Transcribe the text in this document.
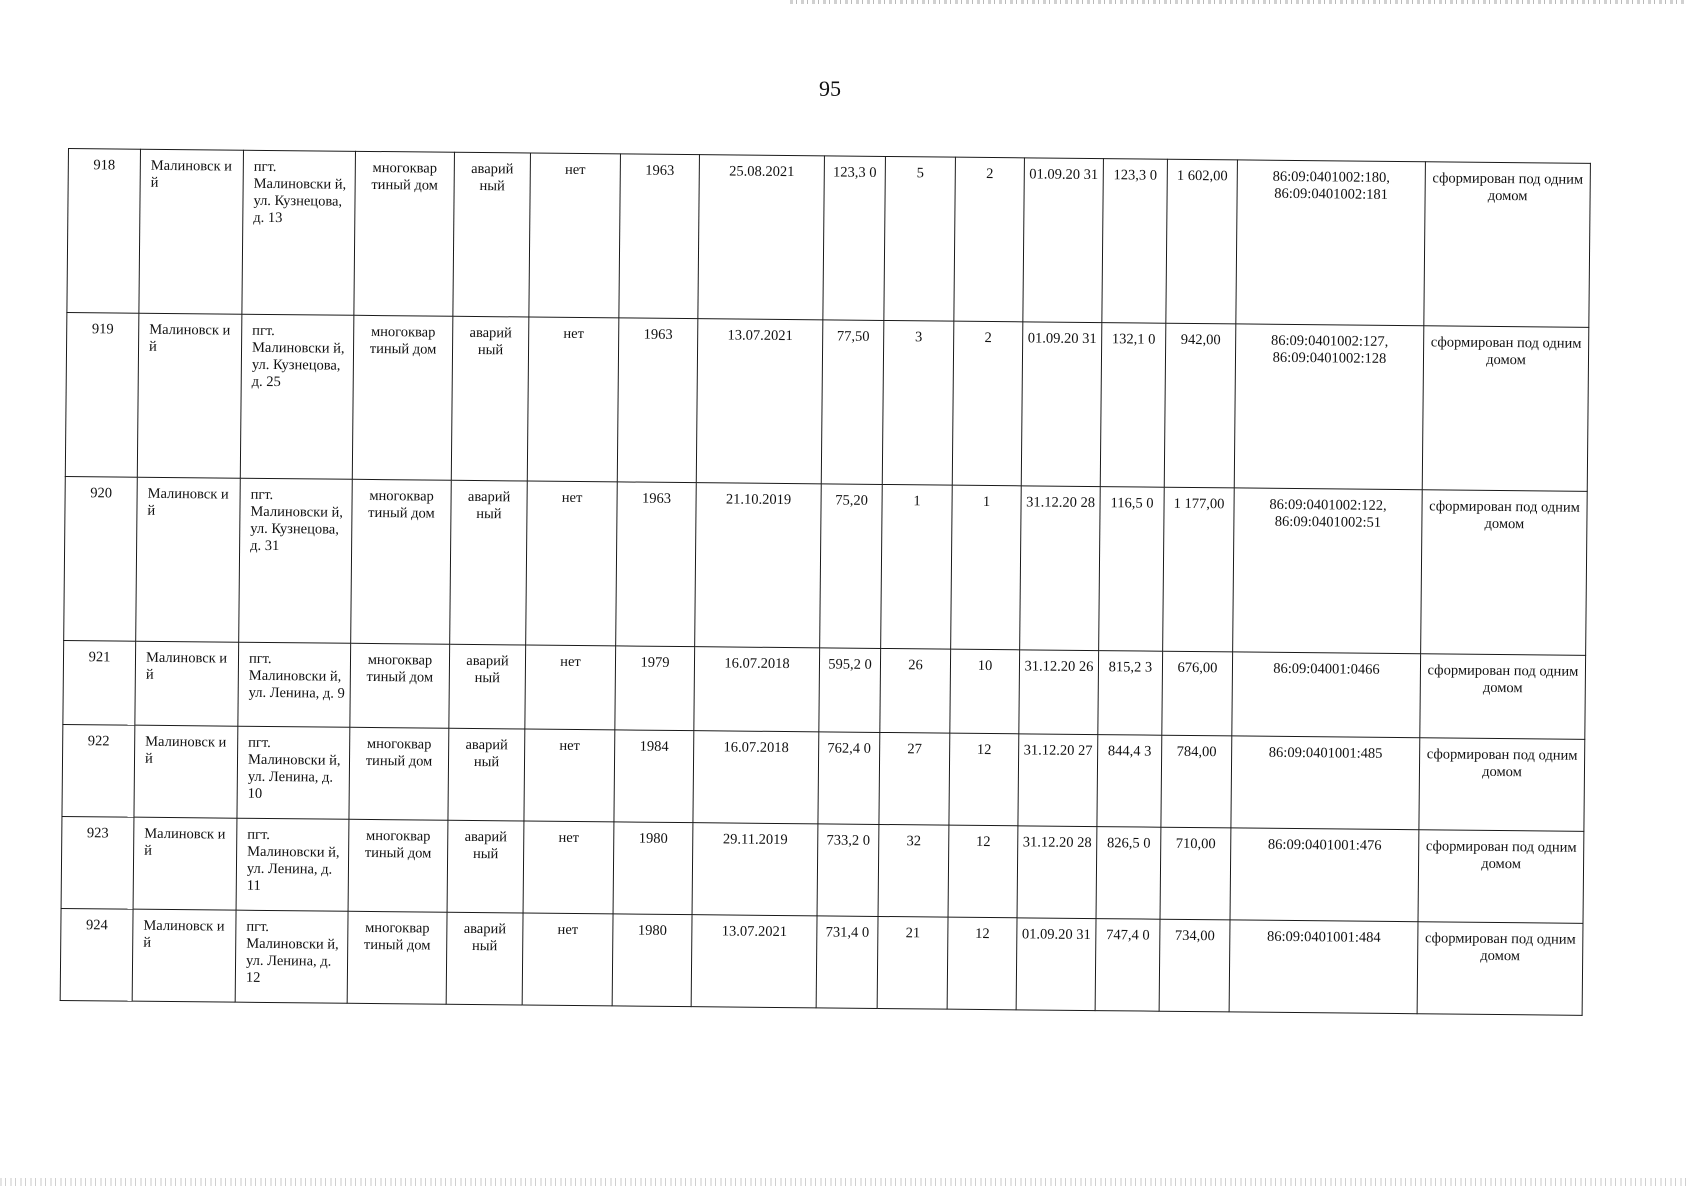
95
918	Малиновск ий	пгт. Малиновски й, ул. Кузнецова, д. 13	многоквар тиный дом	аварий ный	нет	1963	25.08.2021	123,3 0	5	2	01.09.20 31	123,3 0	1 602,00	86:09:0401002:180, 86:09:0401002:181	сформирован под одним домом
919	Малиновск ий	пгт. Малиновски й, ул. Кузнецова, д. 25	многоквар тиный дом	аварий ный	нет	1963	13.07.2021	77,50	3	2	01.09.20 31	132,1 0	942,00	86:09:0401002:127, 86:09:0401002:128	сформирован под одним домом
920	Малиновск ий	пгт. Малиновски й, ул. Кузнецова, д. 31	многоквар тиный дом	аварий ный	нет	1963	21.10.2019	75,20	1	1	31.12.20 28	116,5 0	1 177,00	86:09:0401002:122, 86:09:0401002:51	сформирован под одним домом
921	Малиновск ий	пгт. Малиновски й, ул. Ленина, д. 9	многоквар тиный дом	аварий ный	нет	1979	16.07.2018	595,2 0	26	10	31.12.20 26	815,2 3	676,00	86:09:04001:0466	сформирован под одним домом
922	Малиновск ий	пгт. Малиновски й, ул. Ленина, д. 10	многоквар тиный дом	аварий ный	нет	1984	16.07.2018	762,4 0	27	12	31.12.20 27	844,4 3	784,00	86:09:0401001:485	сформирован под одним домом
923	Малиновск ий	пгт. Малиновски й, ул. Ленина, д. 11	многоквар тиный дом	аварий ный	нет	1980	29.11.2019	733,2 0	32	12	31.12.20 28	826,5 0	710,00	86:09:0401001:476	сформирован под одним домом
924	Малиновск ий	пгт. Малиновски й, ул. Ленина, д. 12	многоквар тиный дом	аварий ный	нет	1980	13.07.2021	731,4 0	21	12	01.09.20 31	747,4 0	734,00	86:09:0401001:484	сформирован под одним домом
